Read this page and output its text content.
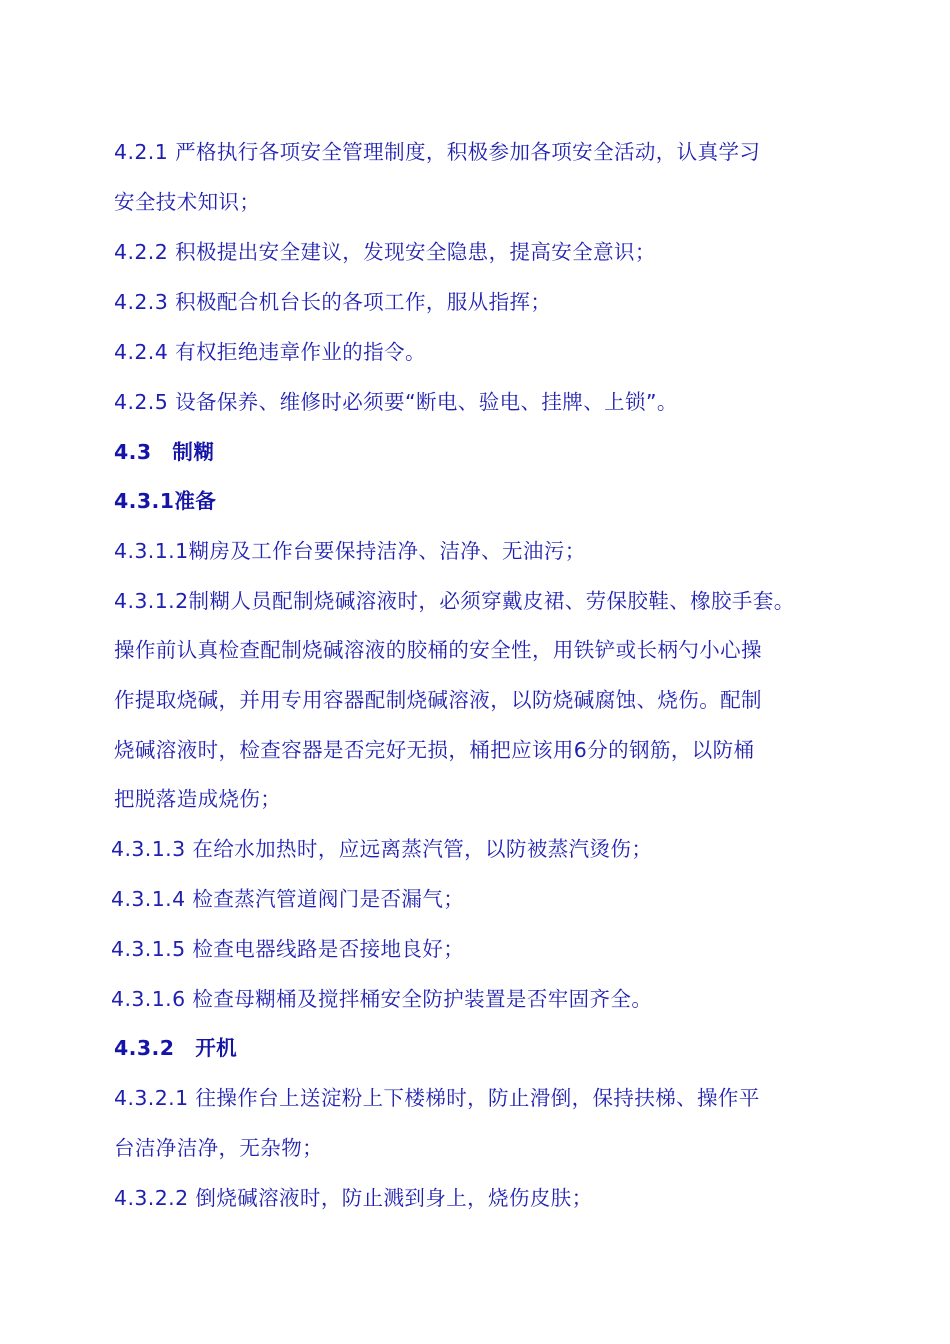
4.2.1 严格执行各项安全管理制度，积极参加各项安全活动，认真学习
安全技术知识；
4.2.2 积极提出安全建议，发现安全隐患，提高安全意识；
4.2.3 积极配合机台长的各项工作，服从指挥；
4.2.4 有权拒绝违章作业的指令。
4.2.5 设备保养、维修时必须要“断电、验电、挂牌、上锁”。
4.3　制糊
4.3.1准备
4.3.1.1糊房及工作台要保持洁净、洁净、无油污；
4.3.1.2制糊人员配制烧碱溶液时，必须穿戴皮裙、劳保胶鞋、橡胶手套。
操作前认真检查配制烧碱溶液的胶桶的安全性，用铁铲或长柄勺小心操
作提取烧碱，并用专用容器配制烧碱溶液，以防烧碱腐蚀、烧伤。配制
烧碱溶液时，检查容器是否完好无损，桶把应该用6分的钢筋，以防桶
把脱落造成烧伤；
4.3.1.3 在给水加热时，应远离蒸汽管，以防被蒸汽烫伤；
4.3.1.4 检查蒸汽管道阀门是否漏气；
4.3.1.5 检查电器线路是否接地良好；
4.3.1.6 检查母糊桶及搅拌桶安全防护装置是否牢固齐全。
4.3.2　开机
4.3.2.1 往操作台上送淀粉上下楼梯时，防止滑倒，保持扶梯、操作平
台洁净洁净，无杂物；
4.3.2.2 倒烧碱溶液时，防止溅到身上，烧伤皮肤；
